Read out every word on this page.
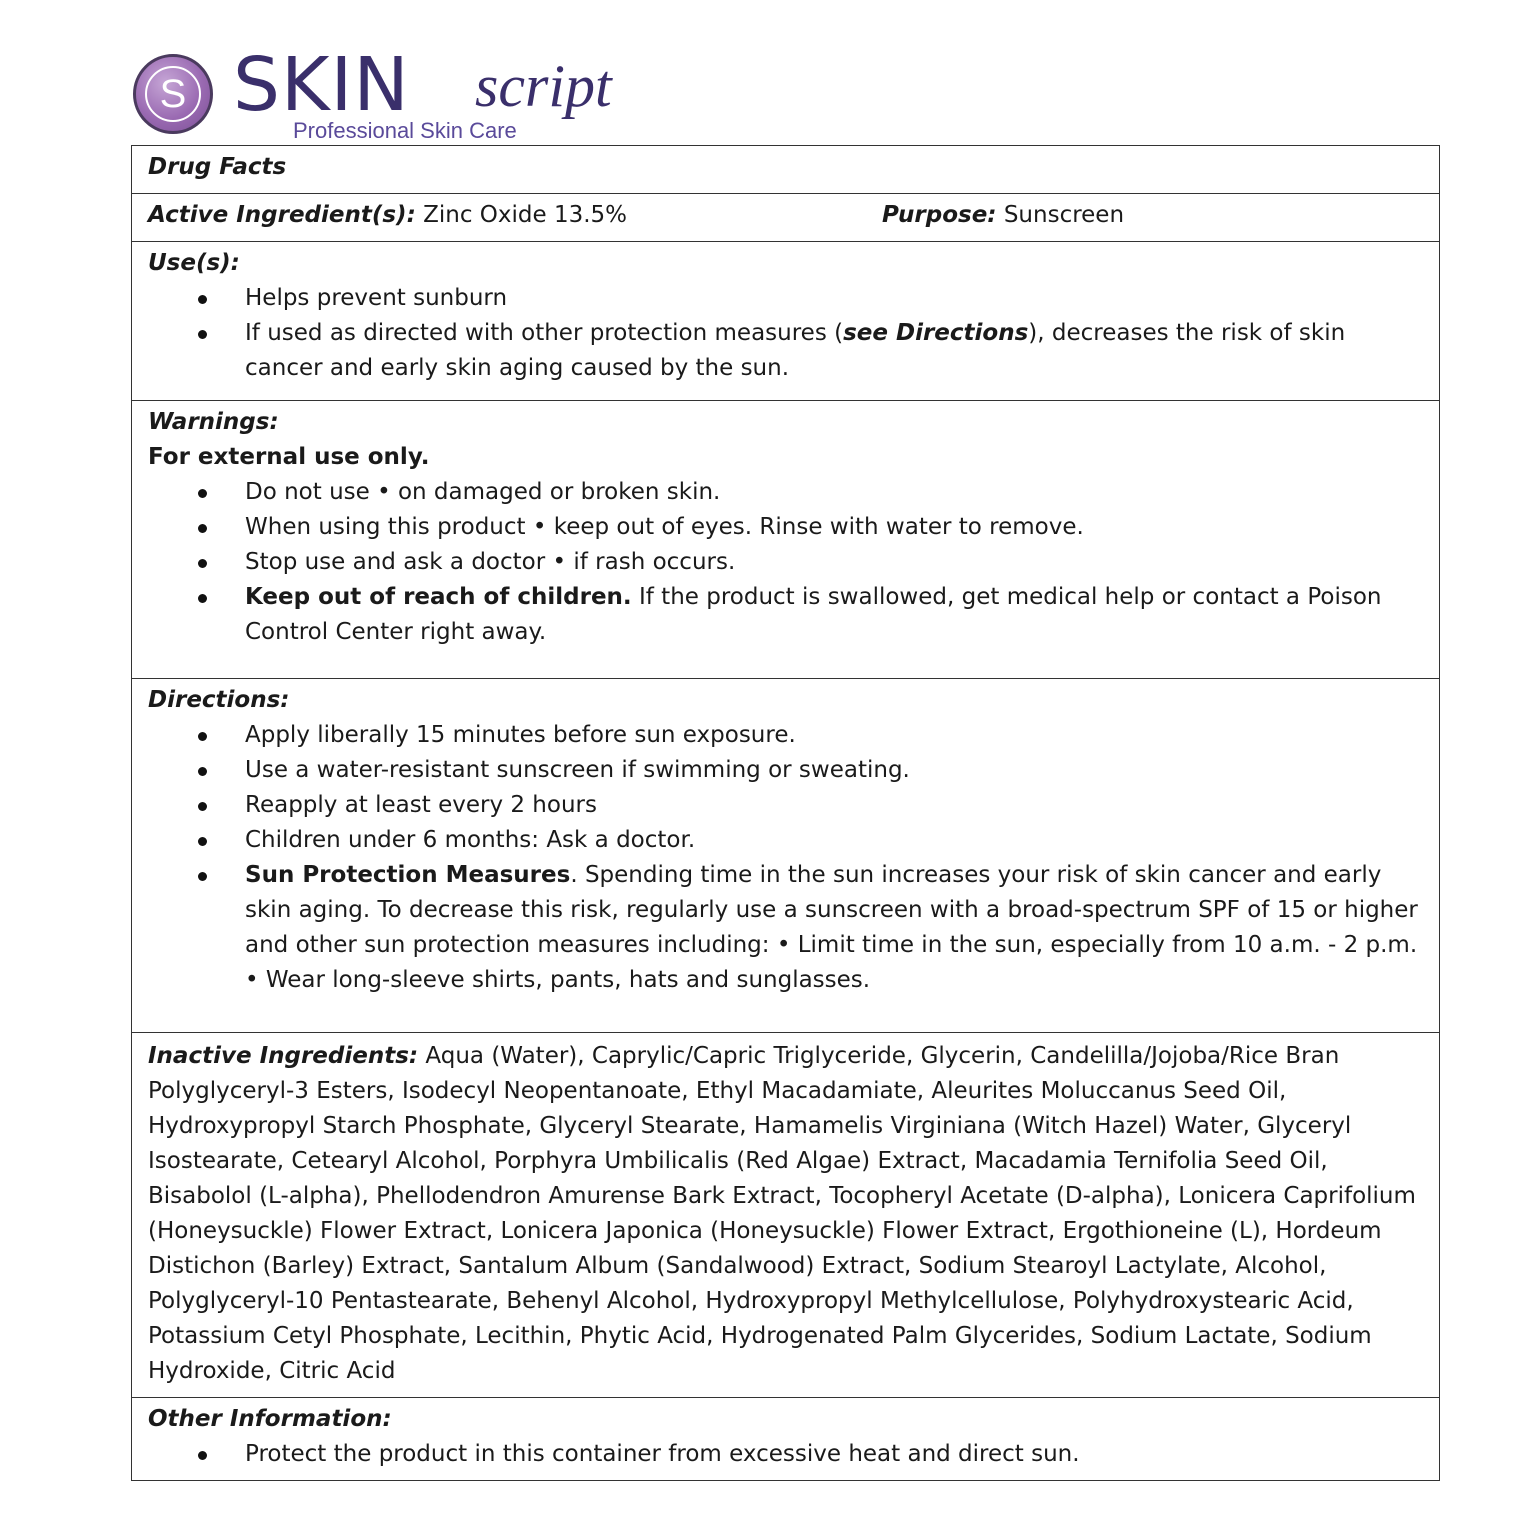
S SKIN script
Professional Skin Care
Drug Facts
Active Ingredient(s): Zinc Oxide 13.5%	Purpose: Sunscreen
Use(s):
Helps prevent sunburn
If used as directed with other protection measures (see Directions), decreases the risk of skin cancer and early skin aging caused by the sun.
Warnings:
For external use only.
Do not use • on damaged or broken skin.
When using this product • keep out of eyes. Rinse with water to remove.
Stop use and ask a doctor • if rash occurs.
Keep out of reach of children. If the product is swallowed, get medical help or contact a Poison Control Center right away.
Directions:
Apply liberally 15 minutes before sun exposure.
Use a water-resistant sunscreen if swimming or sweating.
Reapply at least every 2 hours
Children under 6 months: Ask a doctor.
Sun Protection Measures. Spending time in the sun increases your risk of skin cancer and early skin aging. To decrease this risk, regularly use a sunscreen with a broad-spectrum SPF of 15 or higher and other sun protection measures including: • Limit time in the sun, especially from 10 a.m. - 2 p.m. • Wear long-sleeve shirts, pants, hats and sunglasses.
Inactive Ingredients: Aqua (Water), Caprylic/Capric Triglyceride, Glycerin, Candelilla/Jojoba/Rice Bran Polyglyceryl-3 Esters, Isodecyl Neopentanoate, Ethyl Macadamiate, Aleurites Moluccanus Seed Oil, Hydroxypropyl Starch Phosphate, Glyceryl Stearate, Hamamelis Virginiana (Witch Hazel) Water, Glyceryl Isostearate, Cetearyl Alcohol, Porphyra Umbilicalis (Red Algae) Extract, Macadamia Ternifolia Seed Oil, Bisabolol (L-alpha), Phellodendron Amurense Bark Extract, Tocopheryl Acetate (D-alpha), Lonicera Caprifolium (Honeysuckle) Flower Extract, Lonicera Japonica (Honeysuckle) Flower Extract, Ergothioneine (L), Hordeum Distichon (Barley) Extract, Santalum Album (Sandalwood) Extract, Sodium Stearoyl Lactylate, Alcohol, Polyglyceryl-10 Pentastearate, Behenyl Alcohol, Hydroxypropyl Methylcellulose, Polyhydroxystearic Acid, Potassium Cetyl Phosphate, Lecithin, Phytic Acid, Hydrogenated Palm Glycerides, Sodium Lactate, Sodium Hydroxide, Citric Acid
Other Information:
Protect the product in this container from excessive heat and direct sun.
